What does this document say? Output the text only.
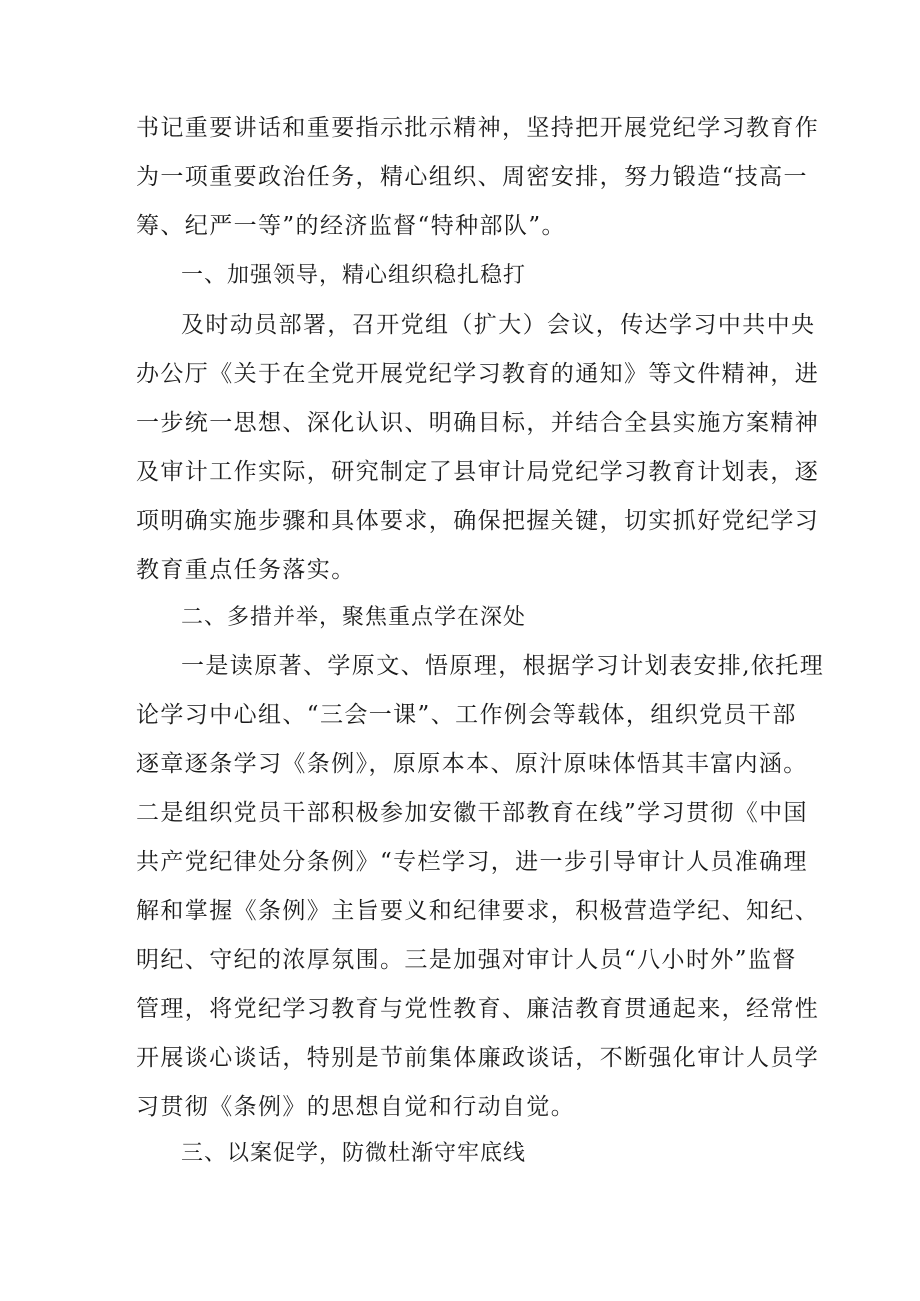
书记重要讲话和重要指示批示精神，坚持把开展党纪学习教育作

为一项重要政治任务，精心组织、周密安排，努力锻造“技高一

筹、纪严一等”的经济监督“特种部队”。

一、加强领导，精心组织稳扎稳打

及时动员部署，召开党组（扩大）会议，传达学习中共中央

办公厅《关于在全党开展党纪学习教育的通知》等文件精神，进

一步统一思想、深化认识、明确目标，并结合全县实施方案精神

及审计工作实际，研究制定了县审计局党纪学习教育计划表，逐

项明确实施步骤和具体要求，确保把握关键，切实抓好党纪学习

教育重点任务落实。

二、多措并举，聚焦重点学在深处

一是读原著、学原文、悟原理，根据学习计划表安排,依托理

论学习中心组、“三会一课”、工作例会等载体，组织党员干部

逐章逐条学习《条例》，原原本本、原汁原味体悟其丰富内涵。

二是组织党员干部积极参加安徽干部教育在线”学习贯彻《中国

共产党纪律处分条例》“专栏学习，进一步引导审计人员准确理

解和掌握《条例》主旨要义和纪律要求，积极营造学纪、知纪、

明纪、守纪的浓厚氛围。三是加强对审计人员“八小时外”监督

管理，将党纪学习教育与党性教育、廉洁教育贯通起来，经常性

开展谈心谈话，特别是节前集体廉政谈话，不断强化审计人员学

习贯彻《条例》的思想自觉和行动自觉。

三、以案促学，防微杜渐守牢底线
